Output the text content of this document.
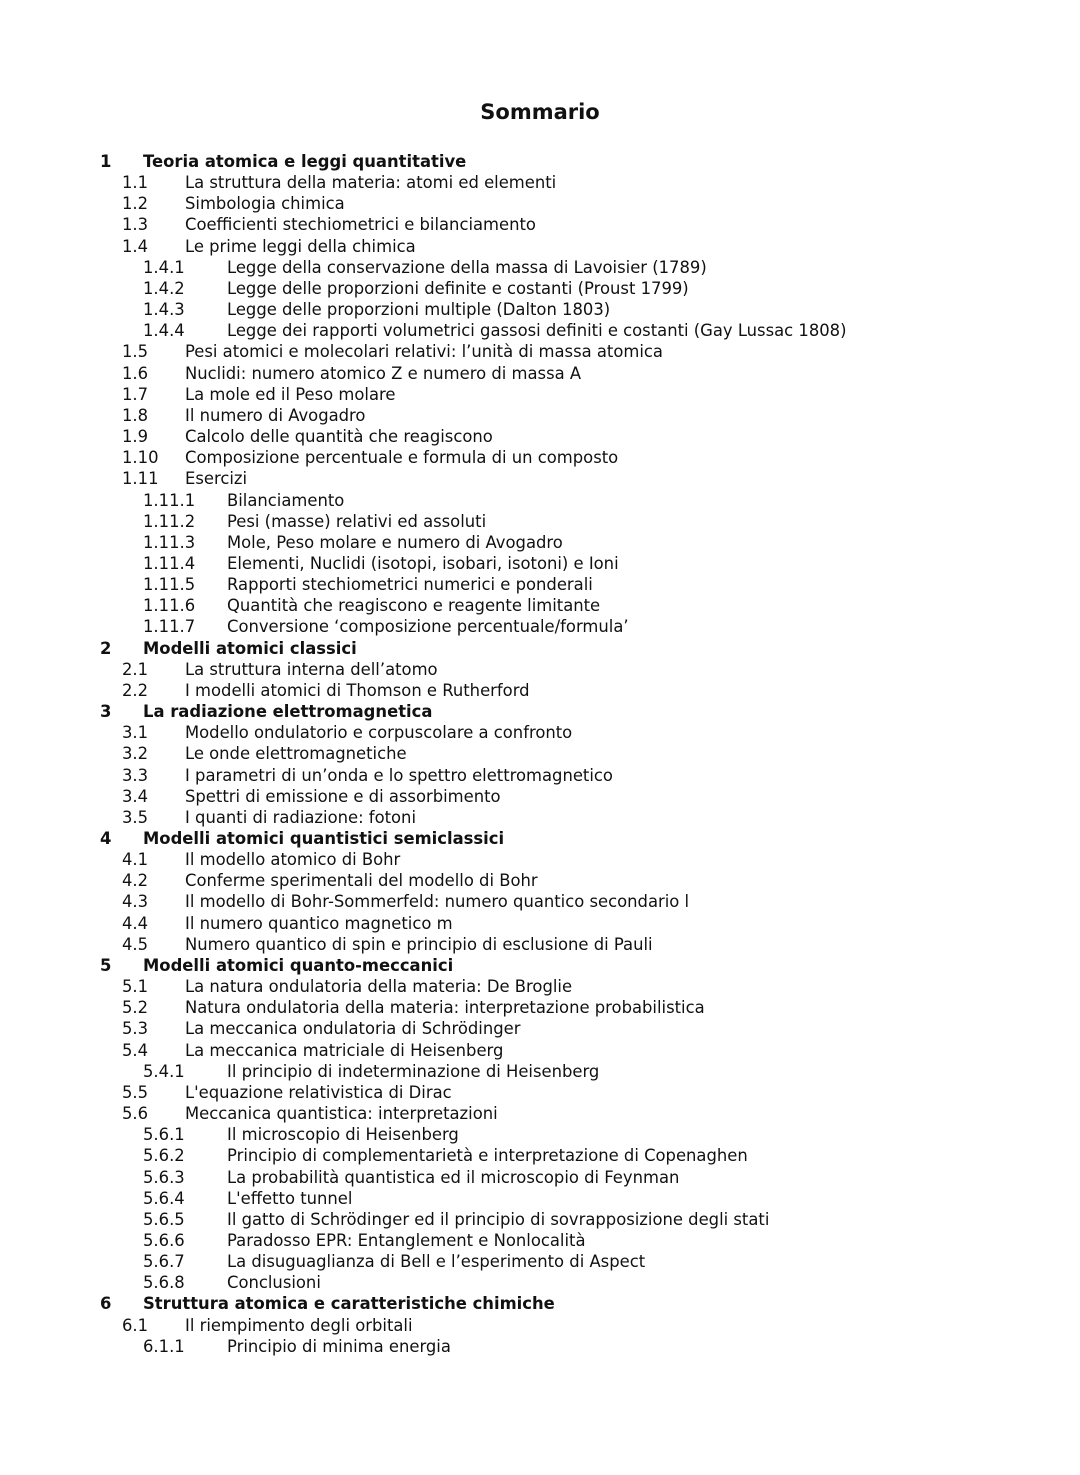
Sommario
1 Teoria atomica e leggi quantitative
1.1 La struttura della materia: atomi ed elementi
1.2 Simbologia chimica
1.3 Coefficienti stechiometrici e bilanciamento
1.4 Le prime leggi della chimica
1.4.1	Legge della conservazione della massa di Lavoisier (1789)
1.4.2	Legge delle proporzioni definite e costanti (Proust 1799)
1.4.3	Legge delle proporzioni multiple (Dalton 1803)
1.4.4	Legge dei rapporti volumetrici gassosi definiti e costanti (Gay Lussac 1808)
1.5 Pesi atomici e molecolari relativi: l’unità di massa atomica
1.6 Nuclidi: numero atomico Z e numero di massa A
1.7 La mole ed il Peso molare
1.8 Il numero di Avogadro
1.9 Calcolo delle quantità che reagiscono
1.10 Composizione percentuale e formula di un composto
1.11 Esercizi
1.11.1 Bilanciamento
1.11.2 Pesi (masse) relativi ed assoluti
1.11.3 Mole, Peso molare e numero di Avogadro
1.11.4 Elementi, Nuclidi (isotopi, isobari, isotoni) e Ioni
1.11.5 Rapporti stechiometrici numerici e ponderali
1.11.6 Quantità che reagiscono e reagente limitante
1.11.7 Conversione ‘composizione percentuale/formula’
2 Modelli atomici classici
2.1 La struttura interna dell’atomo
2.2 I modelli atomici di Thomson e Rutherford
3 La radiazione elettromagnetica
3.1 Modello ondulatorio e corpuscolare a confronto
3.2 Le onde elettromagnetiche
3.3 I parametri di un’onda e lo spettro elettromagnetico
3.4 Spettri di emissione e di assorbimento
3.5 I quanti di radiazione: fotoni
4 Modelli atomici quantistici semiclassici
4.1 Il modello atomico di Bohr
4.2 Conferme sperimentali del modello di Bohr
4.3 Il modello di Bohr-Sommerfeld: numero quantico secondario l
4.4 Il numero quantico magnetico m
4.5 Numero quantico di spin e principio di esclusione di Pauli
5 Modelli atomici quanto-meccanici
5.1 La natura ondulatoria della materia: De Broglie
5.2 Natura ondulatoria della materia: interpretazione probabilistica
5.3 La meccanica ondulatoria di Schrödinger
5.4 La meccanica matriciale di Heisenberg
5.4.1	Il principio di indeterminazione di Heisenberg
5.5 L'equazione relativistica di Dirac
5.6 Meccanica quantistica: interpretazioni
5.6.1	Il microscopio di Heisenberg
5.6.2	Principio di complementarietà e interpretazione di Copenaghen
5.6.3	La probabilità quantistica ed il microscopio di Feynman
5.6.4	L'effetto tunnel
5.6.5	Il gatto di Schrödinger ed il principio di sovrapposizione degli stati
5.6.6	Paradosso EPR: Entanglement e Nonlocalità
5.6.7	La disuguaglianza di Bell e l’esperimento di Aspect
5.6.8	Conclusioni
6 Struttura atomica e caratteristiche chimiche
6.1 Il riempimento degli orbitali
6.1.1	Principio di minima energia
